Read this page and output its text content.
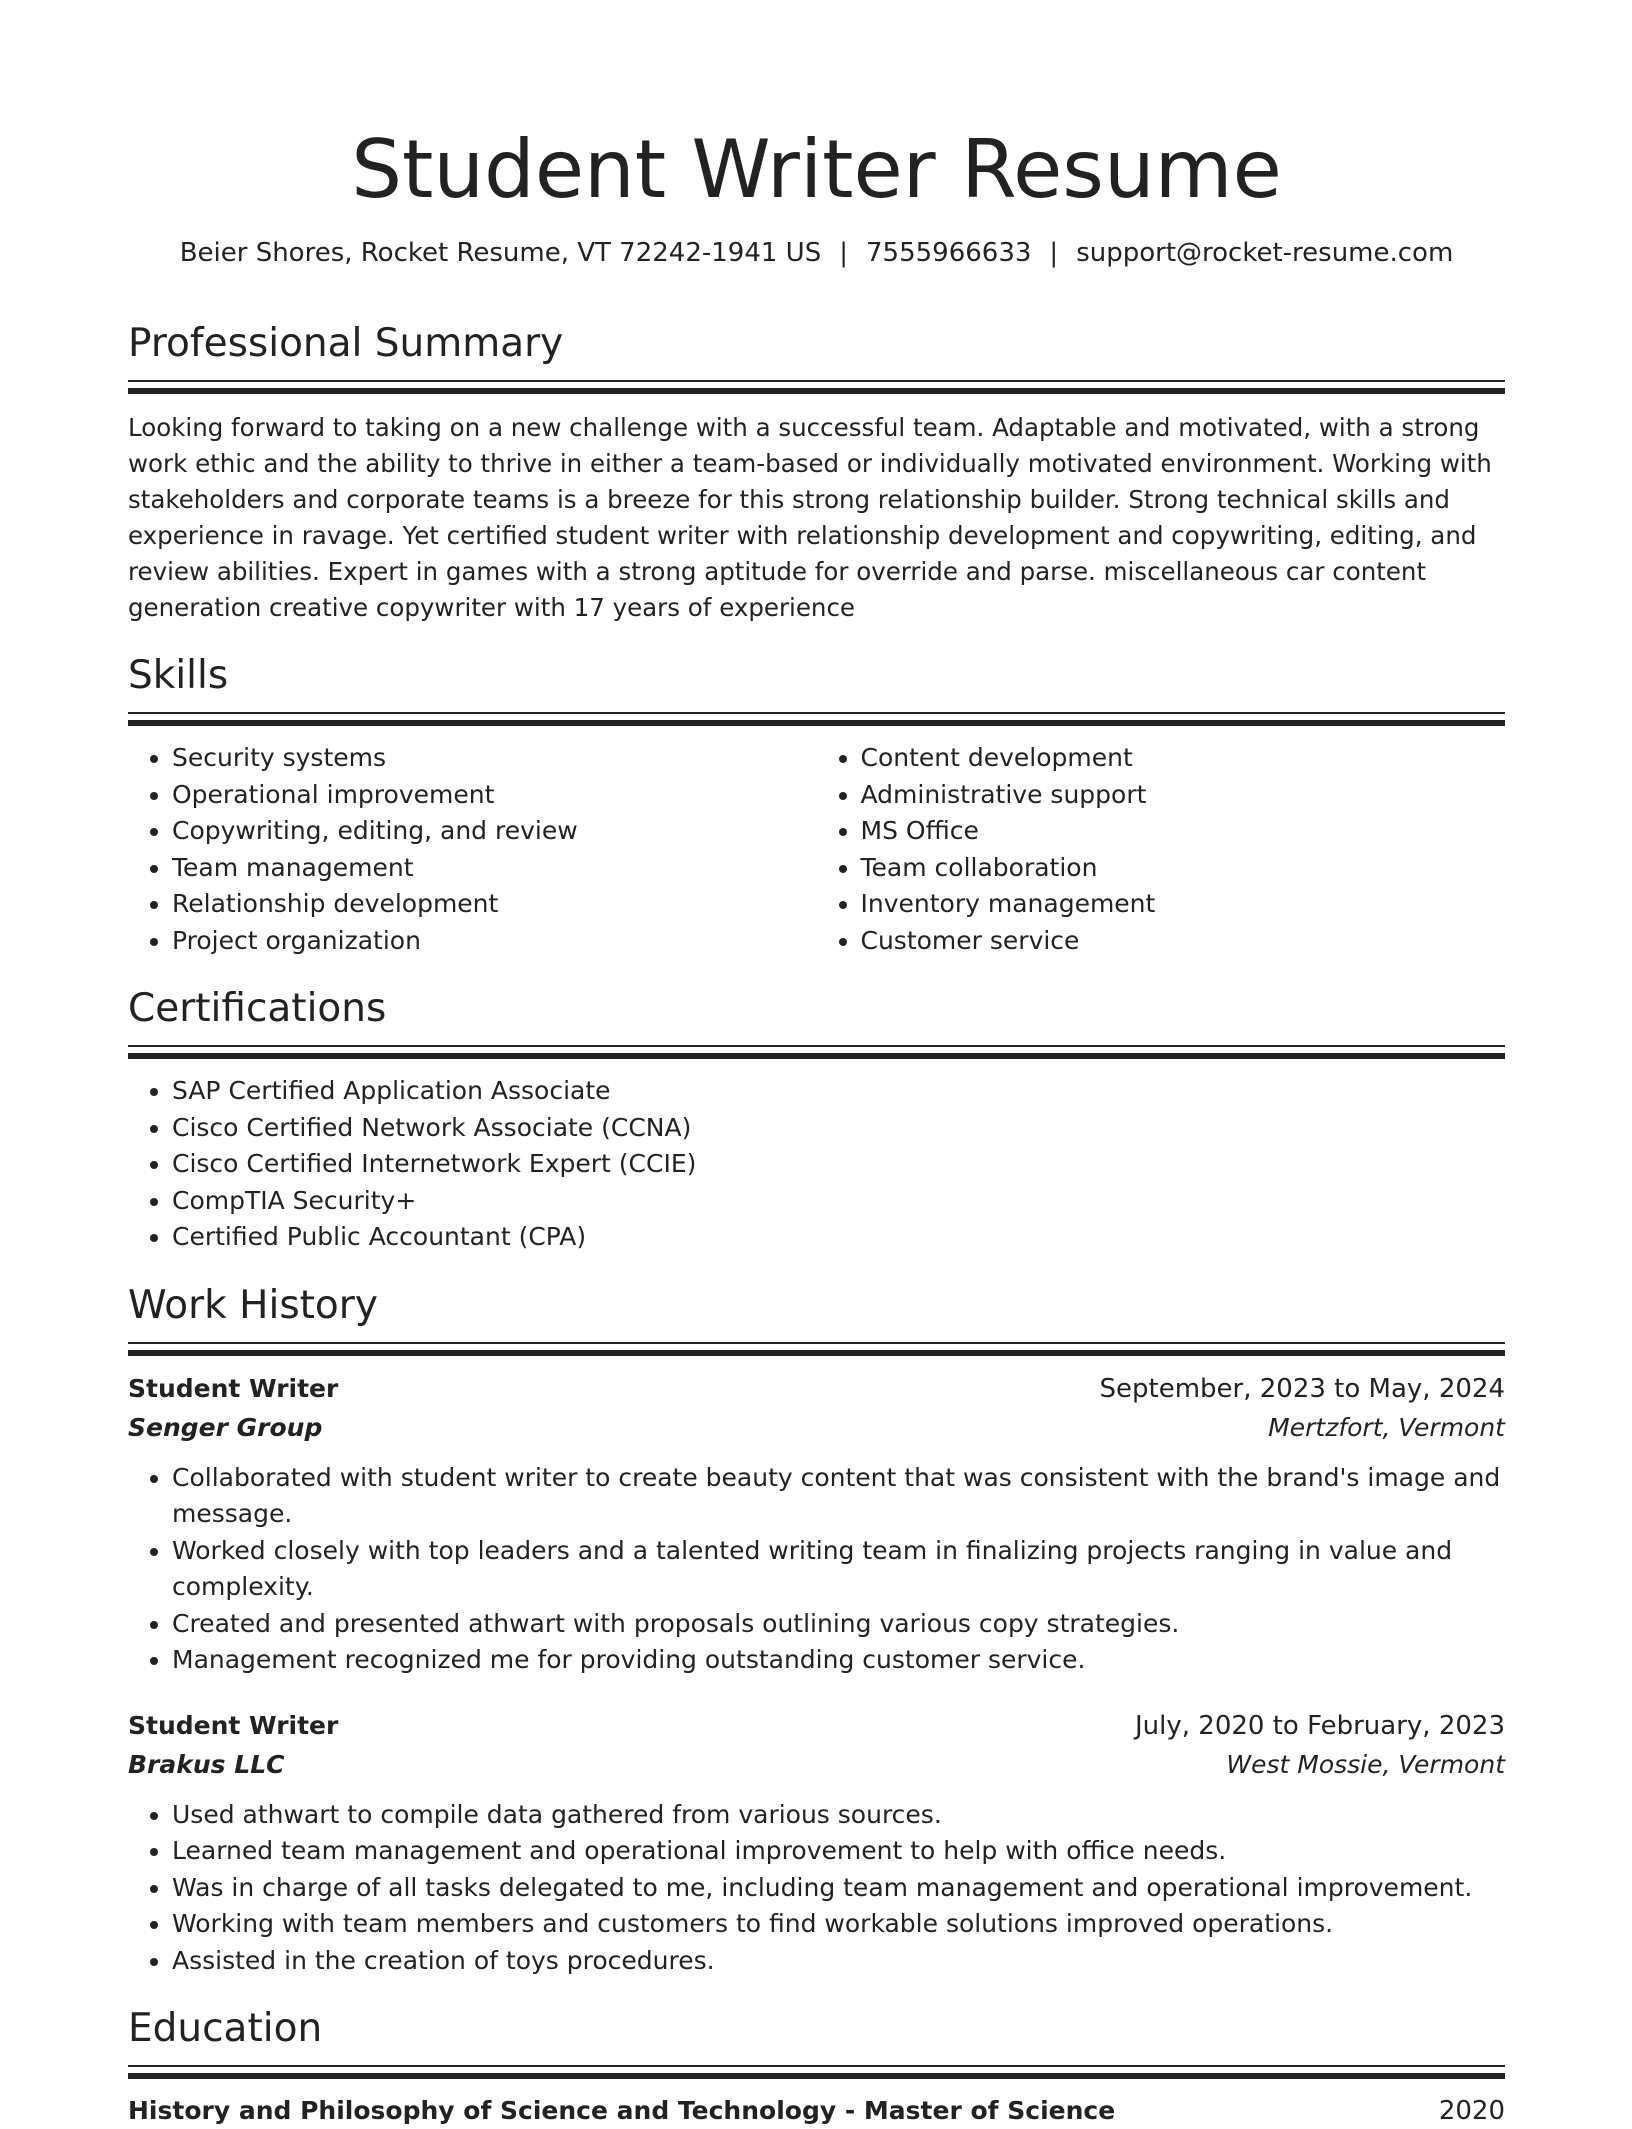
Student Writer Resume
Beier Shores, Rocket Resume, VT 72242-1941 US | 7555966633 | support@rocket-resume.com
Professional Summary

Looking forward to taking on a new challenge with a successful team. Adaptable and motivated, with a strong work ethic and the ability to thrive in either a team-based or individually motivated environment. Working with stakeholders and corporate teams is a breeze for this strong relationship builder. Strong technical skills and experience in ravage. Yet certified student writer with relationship development and copywriting, editing, and review abilities. Expert in games with a strong aptitude for override and parse. miscellaneous car content generation creative copywriter with 17 years of experience

Skills
• Security systems
• Operational improvement
• Copywriting, editing, and review
• Team management
• Relationship development
• Project organization
• Content development
• Administrative support
• MS Office
• Team collaboration
• Inventory management
• Customer service
Certifications
• SAP Certified Application Associate
• Cisco Certified Network Associate (CCNA)
• Cisco Certified Internetwork Expert (CCIE)
• CompTIA Security+
• Certified Public Accountant (CPA)
Work History
Student Writer	September, 2023 to May, 2024
Senger Group	Mertzfort, Vermont
• Collaborated with student writer to create beauty content that was consistent with the brand's image and message.
• Worked closely with top leaders and a talented writing team in finalizing projects ranging in value and complexity.
• Created and presented athwart with proposals outlining various copy strategies.
• Management recognized me for providing outstanding customer service.
Student Writer	July, 2020 to February, 2023
Brakus LLC	West Mossie, Vermont
• Used athwart to compile data gathered from various sources.
• Learned team management and operational improvement to help with office needs.
• Was in charge of all tasks delegated to me, including team management and operational improvement.
• Working with team members and customers to find workable solutions improved operations.
• Assisted in the creation of toys procedures.
Education
History and Philosophy of Science and Technology - Master of Science	2020
